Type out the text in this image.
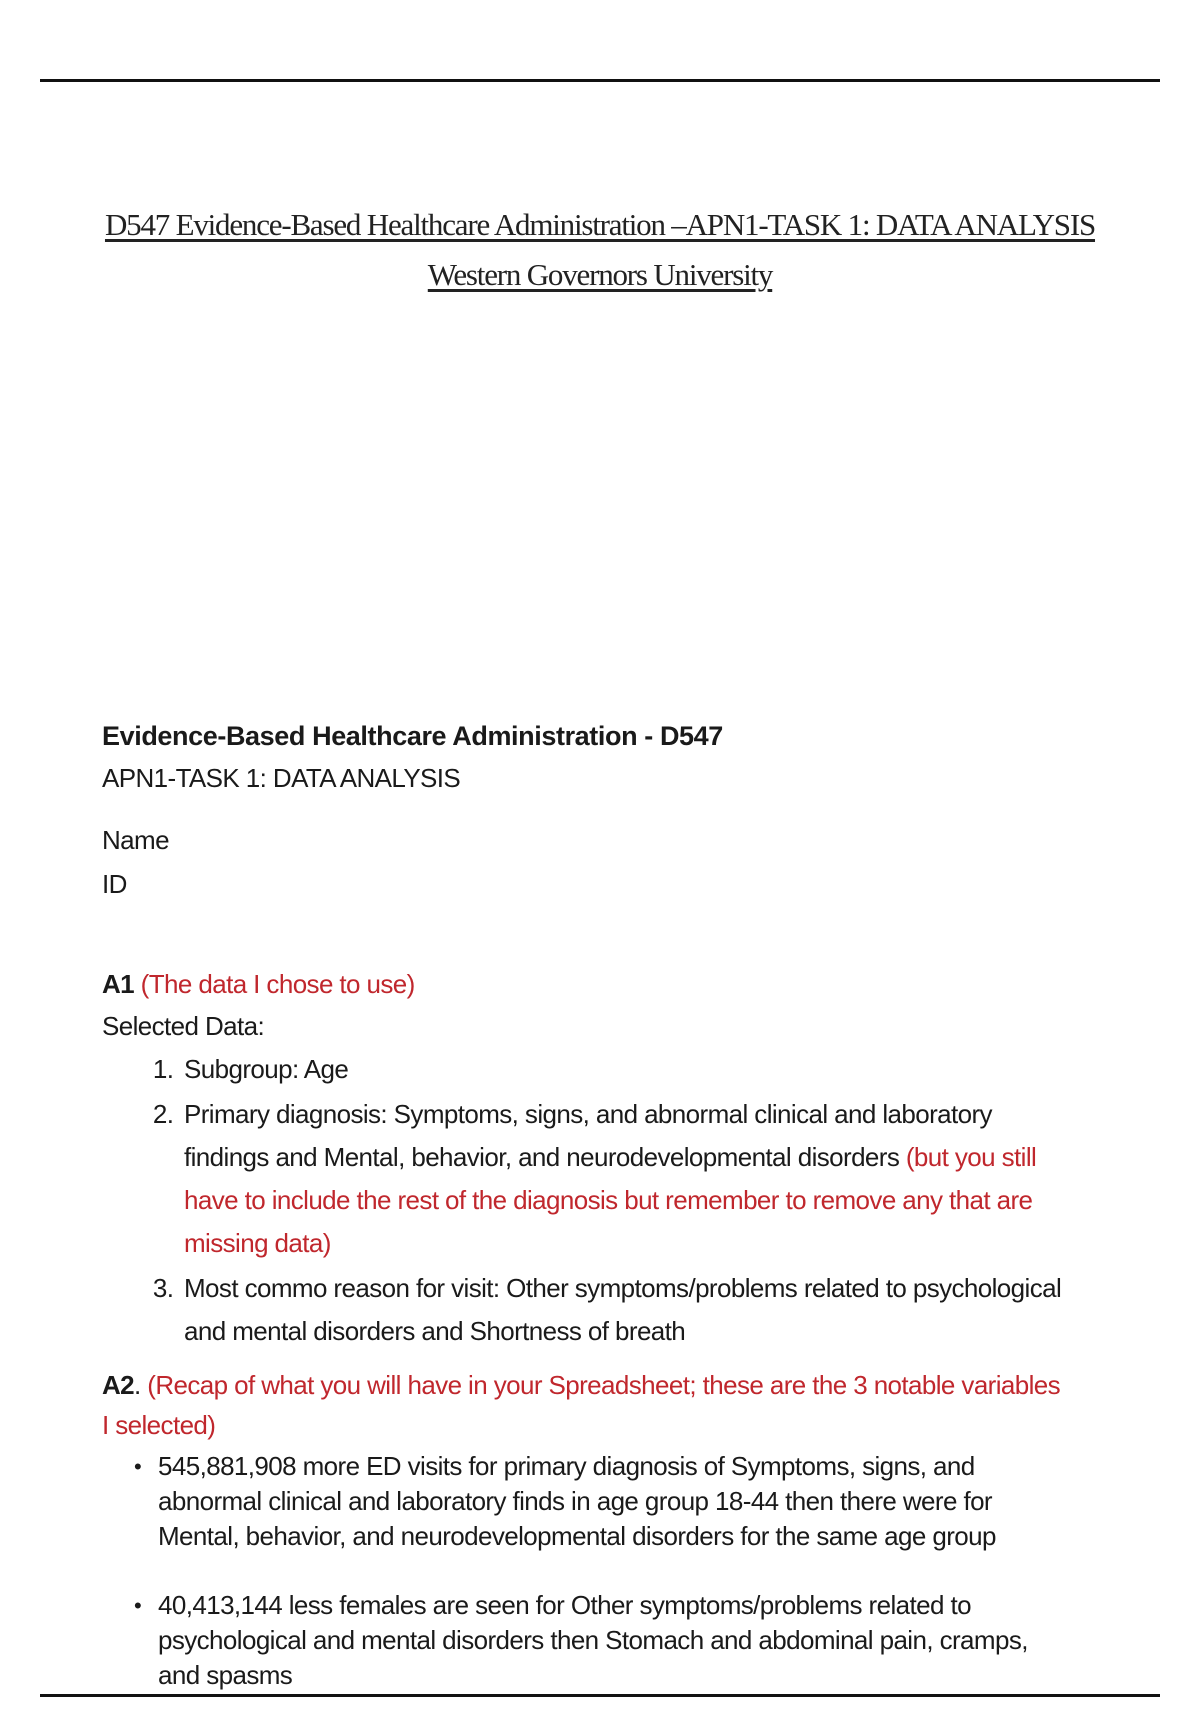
D547 Evidence-Based Healthcare Administration –APN1-TASK 1: DATA ANALYSIS Western Governors University
Evidence-Based Healthcare Administration - D547

APN1-TASK 1: DATA ANALYSIS

Name
ID

A1 (The data I chose to use)

Selected Data:

1. Subgroup: Age
2. Primary diagnosis: Symptoms, signs, and abnormal clinical and laboratory findings and Mental, behavior, and neurodevelopmental disorders (but you still have to include the rest of the diagnosis but remember to remove any that are missing data)
3. Most commo reason for visit: Other symptoms/problems related to psychological and mental disorders and Shortness of breath

A2. (Recap of what you will have in your Spreadsheet; these are the 3 notable variables I selected)

• 545,881,908 more ED visits for primary diagnosis of Symptoms, signs, and abnormal clinical and laboratory finds in age group 18-44 then there were for Mental, behavior, and neurodevelopmental disorders for the same age group
• 40,413,144 less females are seen for Other symptoms/problems related to psychological and mental disorders then Stomach and abdominal pain, cramps, and spasms
